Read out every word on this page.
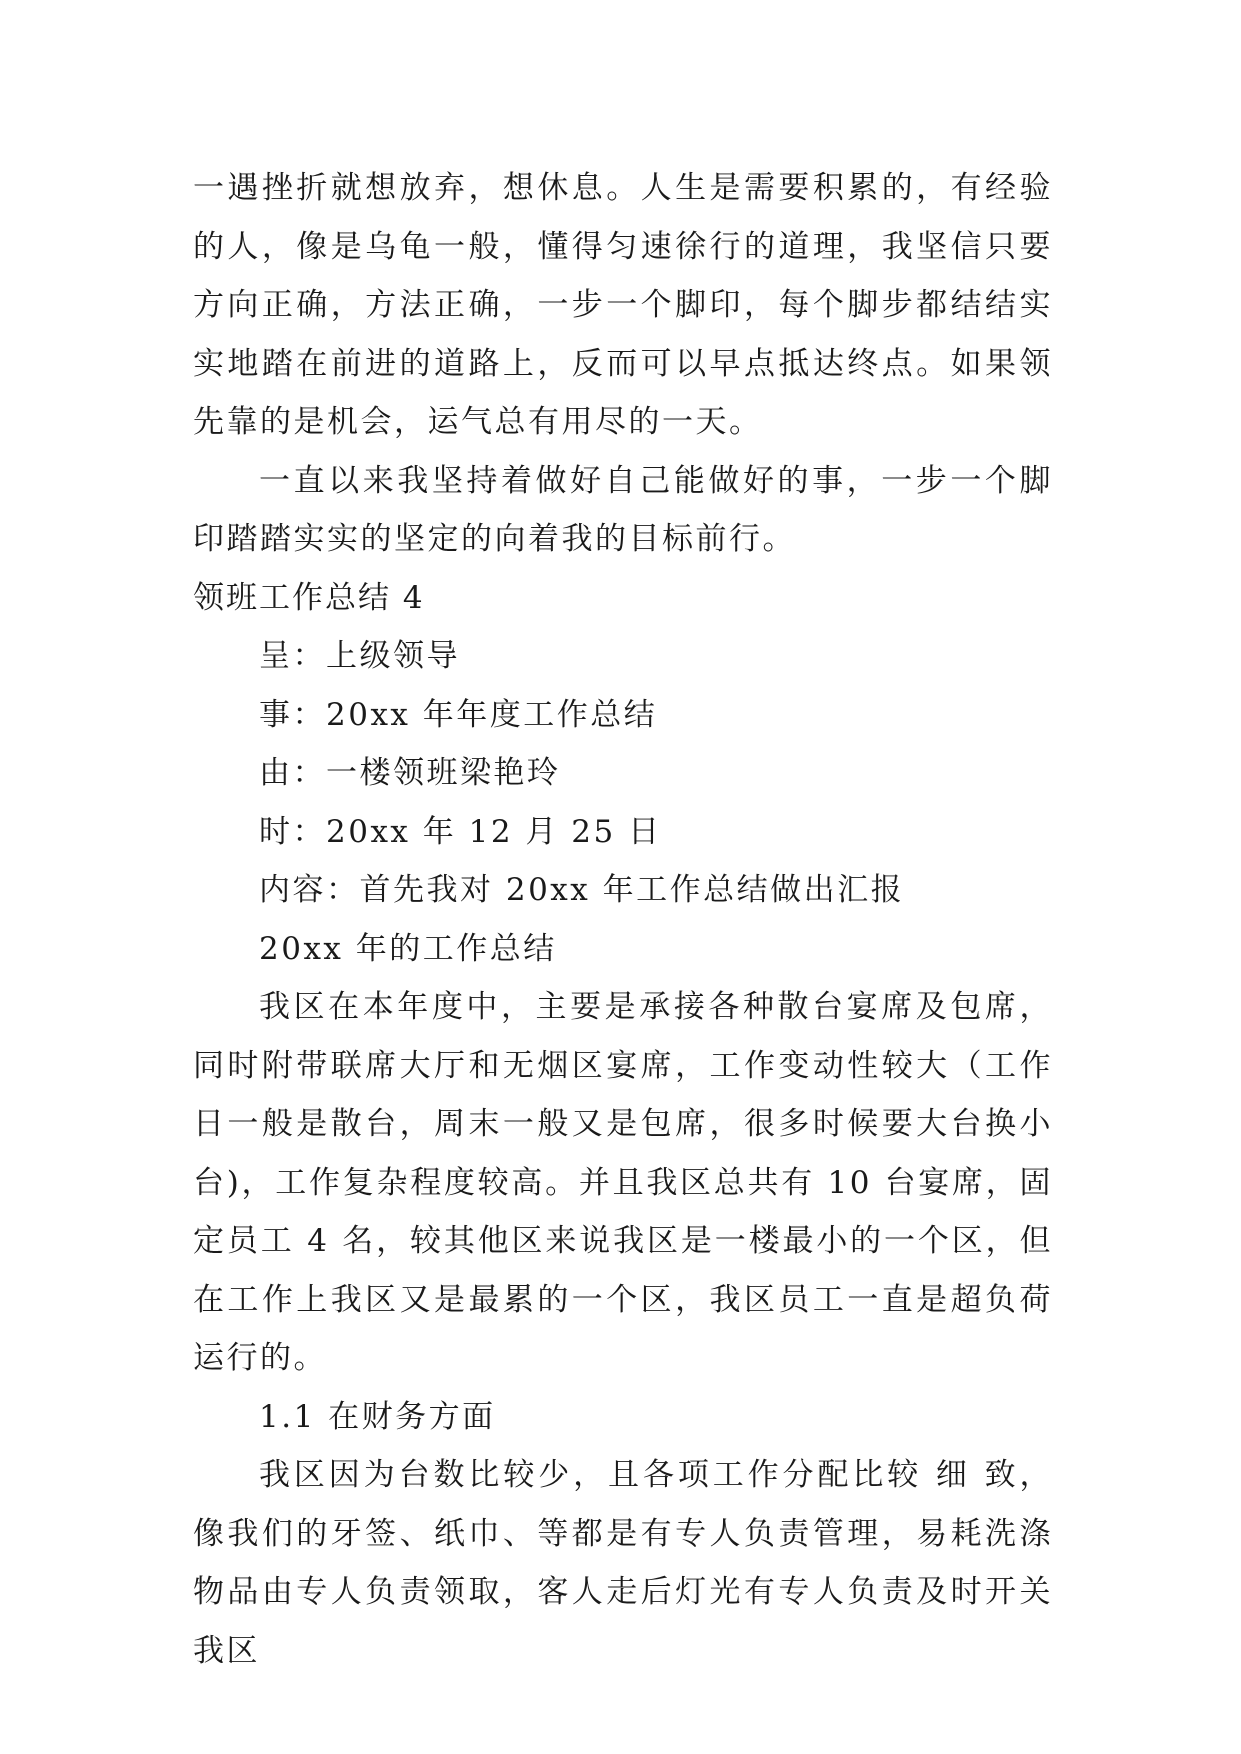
一遇挫折就想放弃，想休息。人生是需要积累的，有经验的人，像是乌龟一般，懂得匀速徐行的道理，我坚信只要方向正确，方法正确，一步一个脚印，每个脚步都结结实实地踏在前进的道路上，反而可以早点抵达终点。如果领先靠的是机会，运气总有用尽的一天。

一直以来我坚持着做好自己能做好的事，一步一个脚印踏踏实实的坚定的向着我的目标前行。

领班工作总结 4

呈：上级领导

事：20xx 年年度工作总结

由：一楼领班梁艳玲

时：20xx 年 12 月 25 日

内容：首先我对 20xx 年工作总结做出汇报

20xx 年的工作总结

我区在本年度中，主要是承接各种散台宴席及包席，同时附带联席大厅和无烟区宴席，工作变动性较大（工作日一般是散台，周末一般又是包席，很多时候要大台换小台)，工作复杂程度较高。并且我区总共有 10 台宴席，固定员工 4 名，较其他区来说我区是一楼最小的一个区，但在工作上我区又是最累的一个区，我区员工一直是超负荷运行的。

1.1 在财务方面

我区因为台数比较少，且各项工作分配比较 细 致，像我们的牙签、纸巾、等都是有专人负责管理，易耗洗涤物品由专人负责领取，客人走后灯光有专人负责及时开关我区
